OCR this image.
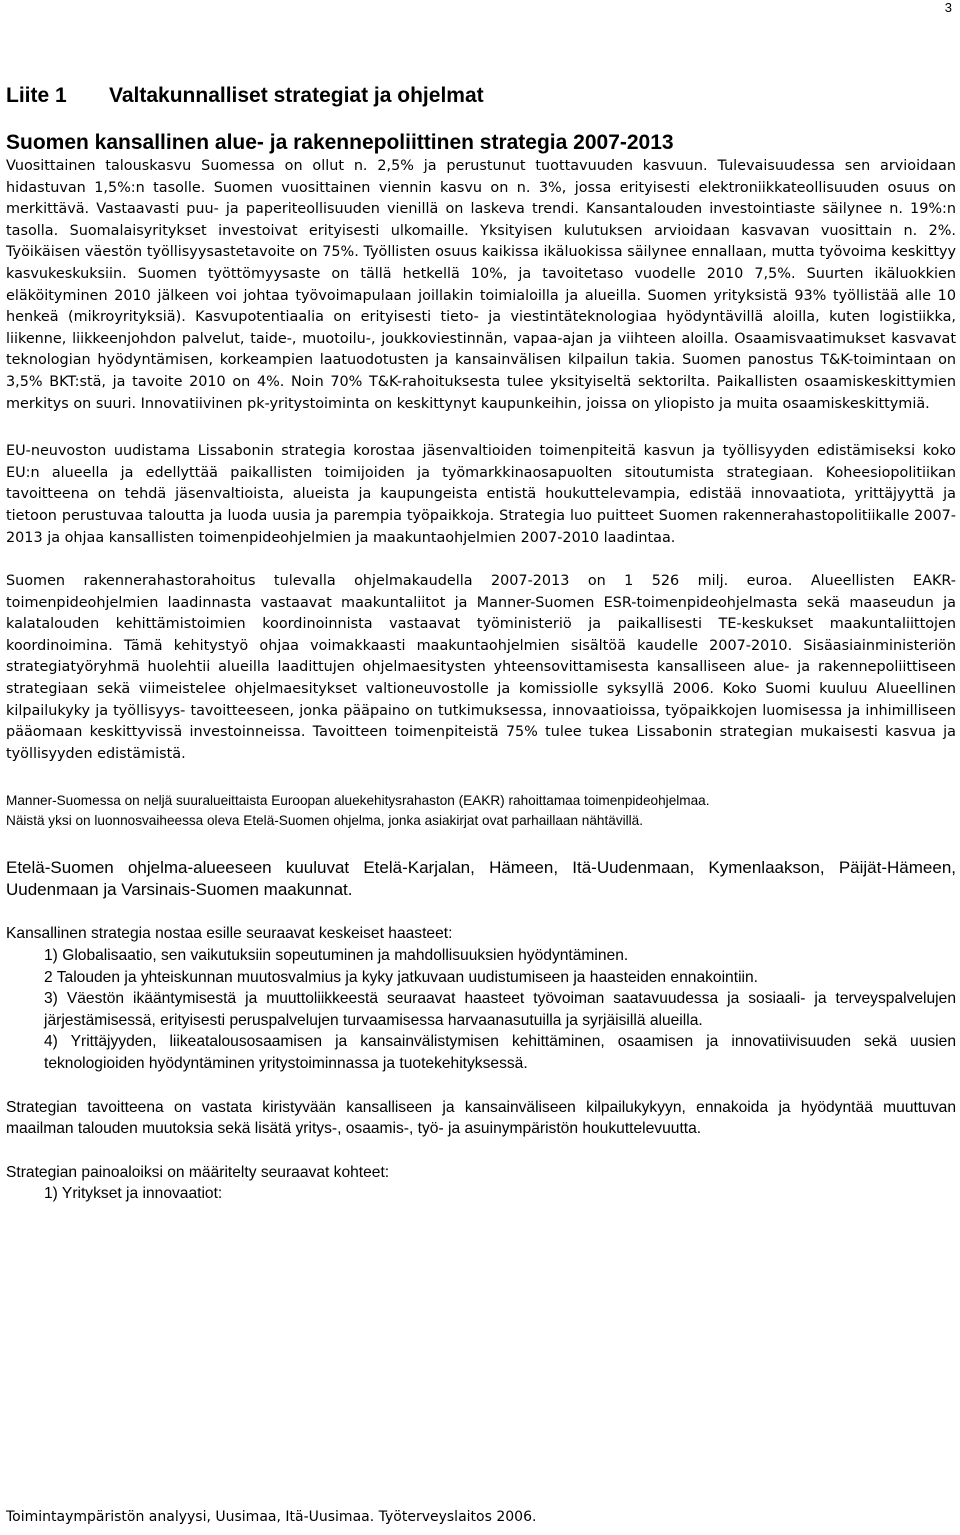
3
Liite 1 Valtakunnalliset strategiat ja ohjelmat
Suomen kansallinen alue- ja rakennepoliittinen strategia 2007-2013

Vuosittainen talouskasvu Suomessa on ollut n. 2,5% ja perustunut tuottavuuden kasvuun. Tulevaisuudessa sen arvioidaan hidastuvan 1,5%:n tasolle. Suomen vuosittainen viennin kasvu on n. 3%, jossa erityisesti elektroniikkateollisuuden osuus on merkittävä. Vastaavasti puu- ja paperiteollisuuden vienillä on laskeva trendi. Kansantalouden investointiaste säilynee n. 19%:n tasolla. Suomalaisyritykset investoivat erityisesti ulkomaille. Yksityisen kulutuksen arvioidaan kasvavan vuosittain n. 2%. Työikäisen väestön työllisyysastetavoite on 75%. Työllisten osuus kaikissa ikäluokissa säilynee ennallaan, mutta työvoima keskittyy kasvukeskuksiin. Suomen työttömyysaste on tällä hetkellä 10%, ja tavoitetaso vuodelle 2010 7,5%. Suurten ikäluokkien eläköityminen 2010 jälkeen voi johtaa työvoimapulaan joillakin toimialoilla ja alueilla. Suomen yrityksistä 93% työllistää alle 10 henkeä (mikroyrityksiä). Kasvupotentiaalia on erityisesti tieto- ja viestintäteknologiaa hyödyntävillä aloilla, kuten logistiikka, liikenne, liikkeenjohdon palvelut, taide-, muotoilu-, joukkoviestinnän, vapaa-ajan ja viihteen aloilla. Osaamisvaatimukset kasvavat teknologian hyödyntämisen, korkeampien laatuodotusten ja kansainvälisen kilpailun takia. Suomen panostus T&K-toimintaan on 3,5% BKT:stä, ja tavoite 2010 on 4%. Noin 70% T&K-rahoituksesta tulee yksityiseltä sektorilta. Paikallisten osaamiskeskittymien merkitys on suuri. Innovatiivinen pk-yritystoiminta on keskittynyt kaupunkeihin, joissa on yliopisto ja muita osaamiskeskittymiä.

EU-neuvoston uudistama Lissabonin strategia korostaa jäsenvaltioiden toimenpiteitä kasvun ja työllisyyden edistämiseksi koko EU:n alueella ja edellyttää paikallisten toimijoiden ja työmarkkinaosapuolten sitoutumista strategiaan. Koheesiopolitiikan tavoitteena on tehdä jäsenvaltioista, alueista ja kaupungeista entistä houkuttelevampia, edistää innovaatiota, yrittäjyyttä ja tietoon perustuvaa taloutta ja luoda uusia ja parempia työpaikkoja. Strategia luo puitteet Suomen rakennerahastopolitiikalle 2007-2013 ja ohjaa kansallisten toimenpideohjelmien ja maakuntaohjelmien 2007-2010 laadintaa.

Suomen rakennerahastorahoitus tulevalla ohjelmakaudella 2007-2013 on 1 526 milj. euroa. Alueellisten EAKR-toimenpideohjelmien laadinnasta vastaavat maakuntaliitot ja Manner-Suomen ESR-toimenpideohjelmasta sekä maaseudun ja kalatalouden kehittämistoimien koordinoinnista vastaavat työministeriö ja paikallisesti TE-keskukset maakuntaliittojen koordinoimina. Tämä kehitystyö ohjaa voimakkaasti maakuntaohjelmien sisältöä kaudelle 2007-2010. Sisäasiainministeriön strategiatyöryhmä huolehtii alueilla laadittujen ohjelmaesitysten yhteensovittamisesta kansalliseen alue- ja rakennepoliittiseen strategiaan sekä viimeistelee ohjelmaesitykset valtioneuvostolle ja komissiolle syksyllä 2006. Koko Suomi kuuluu Alueellinen kilpailukyky ja työllisyys- tavoitteeseen, jonka pääpaino on tutkimuksessa, innovaatioissa, työpaikkojen luomisessa ja inhimilliseen pääomaan keskittyvissä investoinneissa. Tavoitteen toimenpiteistä 75% tulee tukea Lissabonin strategian mukaisesti kasvua ja työllisyyden edistämistä.

Manner-Suomessa on neljä suuralueittaista Euroopan aluekehitysrahaston (EAKR) rahoittamaa toimenpideohjelmaa.
Näistä yksi on luonnosvaiheessa oleva Etelä-Suomen ohjelma, jonka asiakirjat ovat parhaillaan nähtävillä.

Etelä-Suomen ohjelma-alueeseen kuuluvat Etelä-Karjalan, Hämeen, Itä-Uudenmaan, Kymenlaakson, Päijät-Hämeen, Uudenmaan ja Varsinais-Suomen maakunnat.

Kansallinen strategia nostaa esille seuraavat keskeiset haasteet:

1) Globalisaatio, sen vaikutuksiin sopeutuminen ja mahdollisuuksien hyödyntäminen.

2 Talouden ja yhteiskunnan muutosvalmius ja kyky jatkuvaan uudistumiseen ja haasteiden ennakointiin.

3) Väestön ikääntymisestä ja muuttoliikkeestä seuraavat haasteet työvoiman saatavuudessa ja sosiaali- ja terveyspalvelujen järjestämisessä, erityisesti peruspalvelujen turvaamisessa harvaanasutuilla ja syrjäisillä alueilla.

4) Yrittäjyyden, liikeatalousosaamisen ja kansainvälistymisen kehittäminen, osaamisen ja innovatiivisuuden sekä uusien teknologioiden hyödyntäminen yritystoiminnassa ja tuotekehityksessä.

Strategian tavoitteena on vastata kiristyvään kansalliseen ja kansainväliseen kilpailukykyyn, ennakoida ja hyödyntää muuttuvan maailman talouden muutoksia sekä lisätä yritys-, osaamis-, työ- ja asuinympäristön houkuttelevuutta.

Strategian painoaloiksi on määritelty seuraavat kohteet:

1) Yritykset ja innovaatiot:

Toimintaympäristön analyysi, Uusimaa, Itä-Uusimaa. Työterveyslaitos 2006.
